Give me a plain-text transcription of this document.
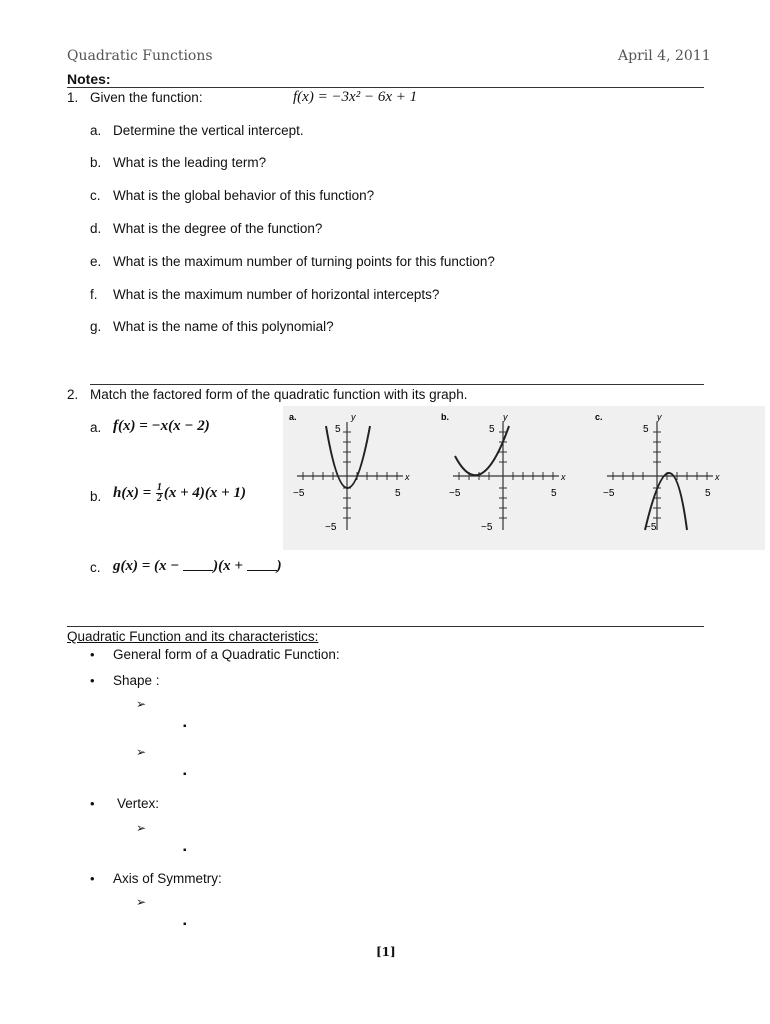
Quadratic Functions	April 4, 2011
Notes:
1. Given the function:	f(x) = −3x² − 6x + 1
a. Determine the vertical intercept.
b. What is the leading term?
c. What is the global behavior of this function?
d. What is the degree of the function?
e. What is the maximum number of turning points for this function?
f. What is the maximum number of horizontal intercepts?
g. What is the name of this polynomial?
2. Match the factored form of the quadratic function with its graph.
a. f(x) = −x(x − 2)
b. $h(x) = \frac{1}{2} (x + 4)(x + 1)$
c. g(x) = (x − )(x + )
a.	y
5
−5
−5	5
x
b.	y
5
−5
−5	5
x
c.	y
5
−5
−5	5
x
Quadratic Function and its characteristics:
• General form of a Quadratic Function:
• Shape :
➢
▪
➢
▪
• Vertex:
➢
▪
• Axis of Symmetry:
➢
▪
[1]
